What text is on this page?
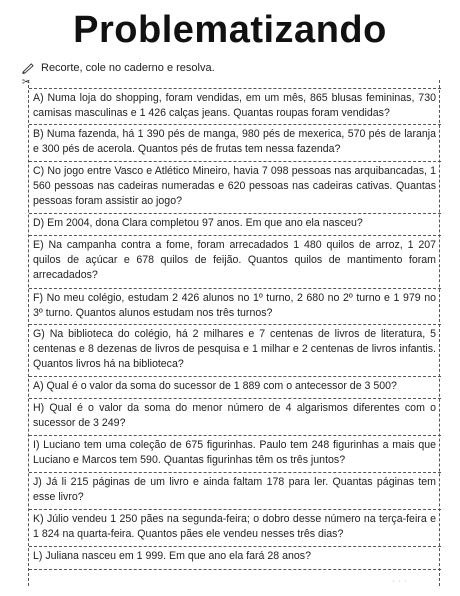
Problematizando
Recorte, cole no caderno e resolva.
✂
A) Numa loja do shopping, foram vendidas, em um mês, 865 blusas femininas, 730 camisas masculinas e 1 426 calças jeans. Quantas roupas foram vendidas?
B) Numa fazenda, há 1 390 pés de manga, 980 pés de mexerica, 570 pés de laranja e 300 pés de acerola. Quantos pés de frutas tem nessa fazenda?
C) No jogo entre Vasco e Atlético Mineiro, havia 7 098 pessoas nas arquibancadas, 1 560 pessoas nas cadeiras numeradas e 620 pessoas nas cadeiras cativas. Quantas pessoas foram assistir ao jogo?
D) Em 2004, dona Clara completou 97 anos. Em que ano ela nasceu?
E) Na campanha contra a fome, foram arrecadados 1 480 quilos de arroz, 1 207 quilos de açúcar e 678 quilos de feijão. Quantos quilos de mantimento foram arrecadados?
F) No meu colégio, estudam 2 426 alunos no 1º turno, 2 680 no 2º turno e 1 979 no 3º turno. Quantos alunos estudam nos três turnos?
G) Na biblioteca do colégio, há 2 milhares e 7 centenas de livros de literatura, 5 centenas e 8 dezenas de livros de pesquisa e 1 milhar e 2 centenas de livros infantis. Quantos livros há na biblioteca?
A) Qual é o valor da soma do sucessor de 1 889 com o antecessor de 3 500?
H) Qual é o valor da soma do menor número de 4 algarismos diferentes com o sucessor de 3 249?
I) Luciano tem uma coleção de 675 figurinhas. Paulo tem 248 figurinhas a mais que Luciano e Marcos tem 590. Quantas figurinhas têm os três juntos?
J) Já li 215 páginas de um livro e ainda faltam 178 para ler. Quantas páginas tem esse livro?
K) Júlio vendeu 1 250 pães na segunda-feira; o dobro desse número na terça-feira e 1 824 na quarta-feira. Quantos pães ele vendeu nesses três dias?
L) Juliana nasceu em 1 999. Em que ano ela fará 28 anos?
· · ·
